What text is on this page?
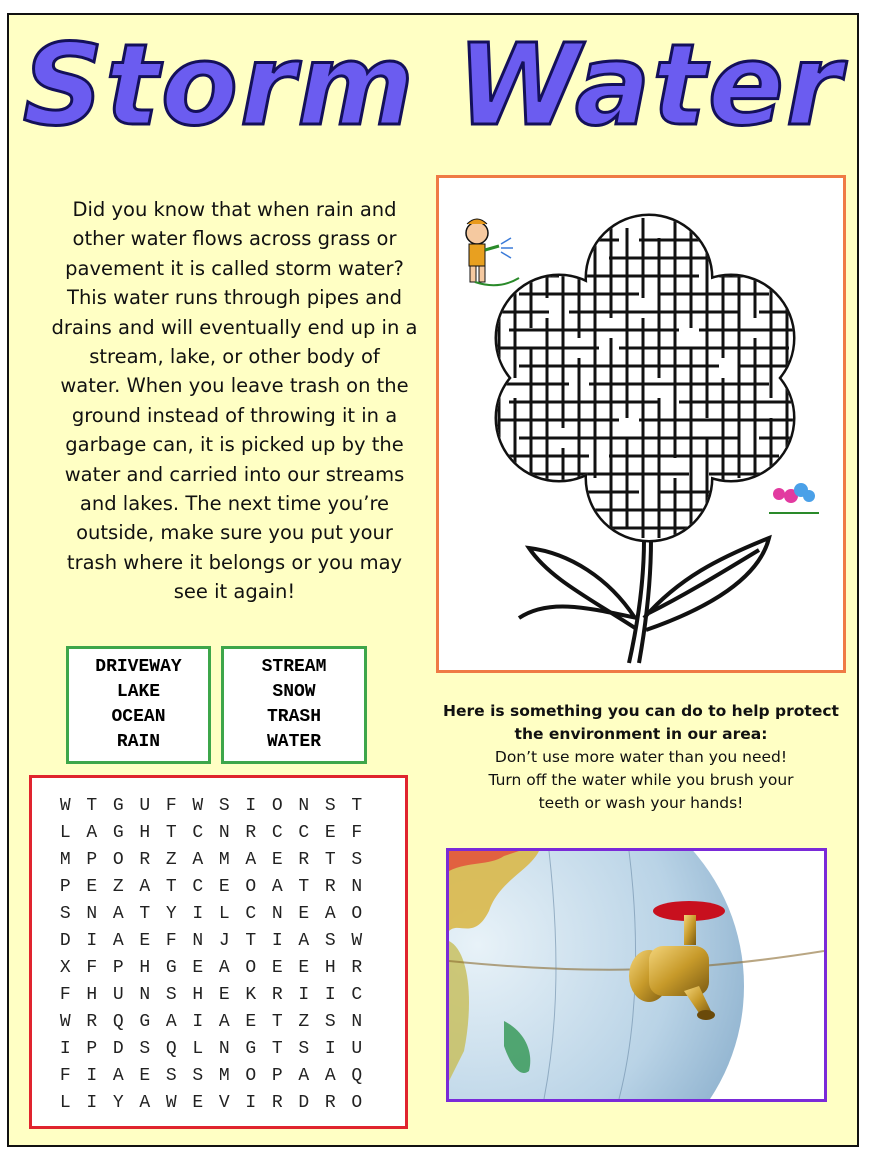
Storm Water

Did you know that when rain and
other water flows across grass or
pavement it is called storm water?
This water runs through pipes and
drains and will eventually end up in a
stream, lake, or other body of
water. When you leave trash on the
ground instead of throwing it in a
garbage can, it is picked up by the
water and carried into our streams
and lakes. The next time you’re
outside, make sure you put your
trash where it belongs or you may
see it again!

DRIVEWAY
LAKE
OCEAN
RAIN
STREAM
SNOW
TRASH
WATER
Here is something you can do to help protect
the environment in our area:
Don’t use more water than you need!
Turn off the water while you brush your
teeth or wash your hands!
W T G U F W S I O N S T
L A G H T C N R C C E F
M P O R Z A M A E R T S
P E Z A T C E O A T R N
S N A T Y I L C N E A O
D I A E F N J T I A S W
X F P H G E A O E E H R
F H U N S H E K R I I C
W R Q G A I A E T Z S N
I P D S Q L N G T S I U
F I A E S S M O P A A Q
L I Y A W E V I R D R O
